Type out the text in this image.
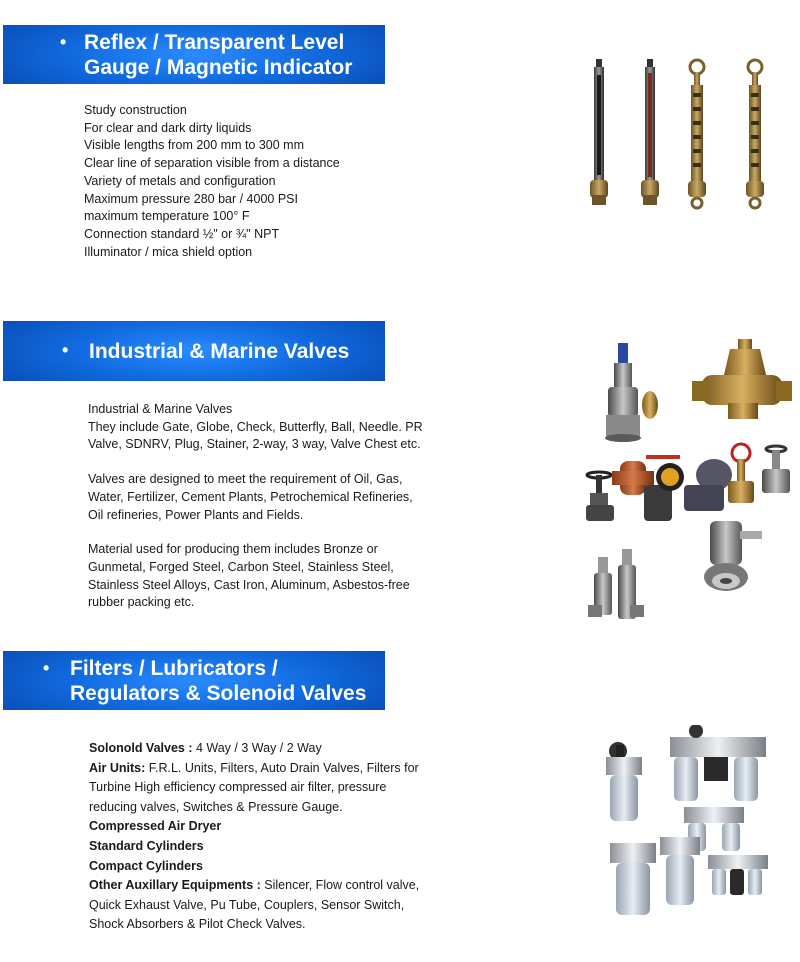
• Reflex / Transparent Level
Gauge / Magnetic Indicator
Study construction
For clear and dark dirty liquids
Visible lengths from 200 mm to 300 mm
Clear line of separation visible from a distance
Variety of metals and configuration
Maximum pressure 280 bar / 4000 PSI
maximum temperature 100° F
Connection standard ½" or ¾" NPT
Illuminator / mica shield option
• Industrial & Marine Valves
Industrial & Marine Valves
They include Gate, Globe, Check, Butterfly, Ball, Needle. PR
Valve, SDNRV, Plug, Stainer, 2-way, 3 way, Valve Chest etc.
Valves are designed to meet the requirement of Oil, Gas,
Water, Fertilizer, Cement Plants, Petrochemical Refineries,
Oil refineries, Power Plants and Fields.
Material used for producing them includes Bronze or
Gunmetal, Forged Steel, Carbon Steel, Stainless Steel,
Stainless Steel Alloys, Cast Iron, Aluminum, Asbestos-free
rubber packing etc.
• Filters / Lubricators /
Regulators & Solenoid Valves
Solonold Valves : 4 Way / 3 Way / 2 Way
Air Units: F.R.L. Units, Filters, Auto Drain Valves, Filters for
Turbine High efficiency compressed air filter, pressure
reducing valves, Switches & Pressure Gauge.
Compressed Air Dryer
Standard Cylinders
Compact Cylinders
Other Auxillary Equipments : Silencer, Flow control valve,
Quick Exhaust Valve, Pu Tube, Couplers, Sensor Switch,
Shock Absorbers & Pilot Check Valves.
